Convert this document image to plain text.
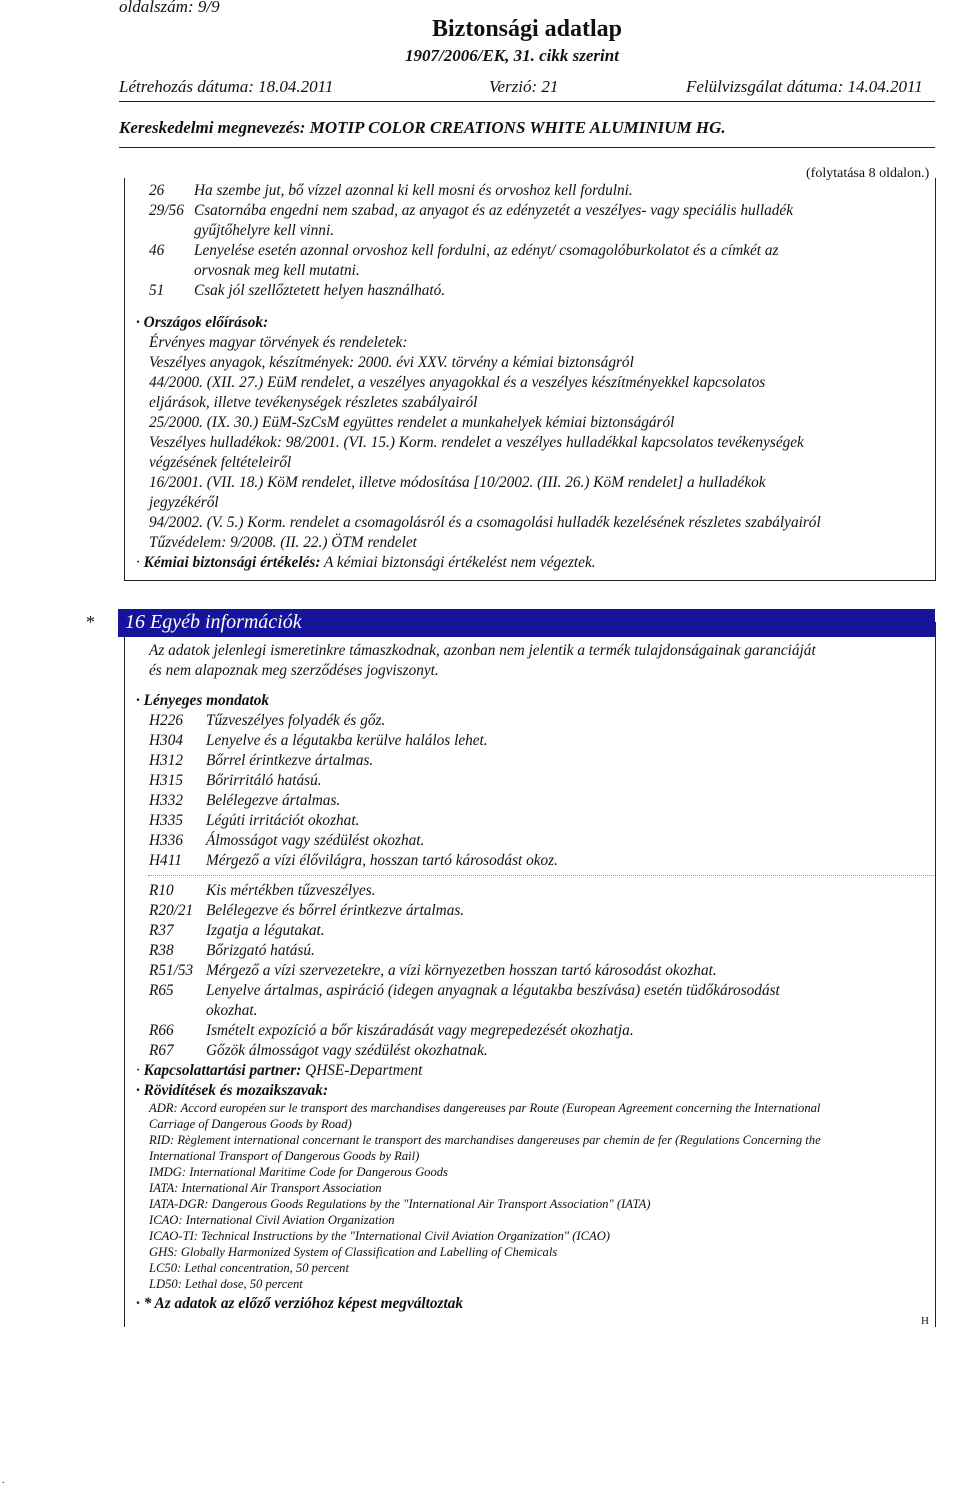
oldalszám: 9/9
Biztonsági adatlap
1907/2006/EK, 31. cikk szerint
Létrehozás dátuma: 18.04.2011	Verzió: 21	Felülvizsgálat dátuma: 14.04.2011
Kereskedelmi megnevezés: MOTIP COLOR CREATIONS WHITE ALUMINIUM HG.
(folytatása 8 oldalon.)
26 Ha szembe jut, bő vízzel azonnal ki kell mosni és orvoshoz kell fordulni.
29/56 Csatornába engedni nem szabad, az anyagot és az edényzetét a veszélyes- vagy speciális hulladék
gyűjtőhelyre kell vinni.
46 Lenyelése esetén azonnal orvoshoz kell fordulni, az edényt/ csomagolóburkolatot és a címkét az
orvosnak meg kell mutatni.
51 Csak jól szellőztetett helyen használható.
· Országos előírások:
Érvényes magyar törvények és rendeletek:
Veszélyes anyagok, készítmények: 2000. évi XXV. törvény a kémiai biztonságról
44/2000. (XII. 27.) EüM rendelet, a veszélyes anyagokkal és a veszélyes készítményekkel kapcsolatos
eljárások, illetve tevékenységek részletes szabályairól
25/2000. (IX. 30.) EüM-SzCsM együttes rendelet a munkahelyek kémiai biztonságáról
Veszélyes hulladékok: 98/2001. (VI. 15.) Korm. rendelet a veszélyes hulladékkal kapcsolatos tevékenységek
végzésének feltételeiről
16/2001. (VII. 18.) KöM rendelet, illetve módosítása [10/2002. (III. 26.) KöM rendelet] a hulladékok
jegyzékéről
94/2002. (V. 5.) Korm. rendelet a csomagolásról és a csomagolási hulladék kezelésének részletes szabályairól
Tűzvédelem: 9/2008. (II. 22.) ÖTM rendelet
· Kémiai biztonsági értékelés: A kémiai biztonsági értékelést nem végeztek.
* 16 Egyéb információk
Az adatok jelenlegi ismeretinkre támaszkodnak, azonban nem jelentik a termék tulajdonságainak garanciáját
és nem alapoznak meg szerződéses jogviszonyt.
· Lényeges mondatok
H226 Tűzveszélyes folyadék és gőz.
H304 Lenyelve és a légutakba kerülve halálos lehet.
H312 Bőrrel érintkezve ártalmas.
H315 Bőrirritáló hatású.
H332 Belélegezve ártalmas.
H335 Légúti irritációt okozhat.
H336 Álmosságot vagy szédülést okozhat.
H411 Mérgező a vízi élővilágra, hosszan tartó károsodást okoz.
R10 Kis mértékben tűzveszélyes.
R20/21 Belélegezve és bőrrel érintkezve ártalmas.
R37 Izgatja a légutakat.
R38 Bőrizgató hatású.
R51/53 Mérgező a vízi szervezetekre, a vízi környezetben hosszan tartó károsodást okozhat.
R65 Lenyelve ártalmas, aspiráció (idegen anyagnak a légutakba beszívása) esetén tüdőkárosodást
okozhat.
R66 Ismételt expozíció a bőr kiszáradását vagy megrepedezését okozhatja.
R67 Gőzök álmosságot vagy szédülést okozhatnak.
· Kapcsolattartási partner: QHSE-Department
· Rövidítések és mozaikszavak:
ADR: Accord européen sur le transport des marchandises dangereuses par Route (European Agreement concerning the International
Carriage of Dangerous Goods by Road)
RID: Règlement international concernant le transport des marchandises dangereuses par chemin de fer (Regulations Concerning the
International Transport of Dangerous Goods by Rail)
IMDG: International Maritime Code for Dangerous Goods
IATA: International Air Transport Association
IATA-DGR: Dangerous Goods Regulations by the "International Air Transport Association" (IATA)
ICAO: International Civil Aviation Organization
ICAO-TI: Technical Instructions by the "International Civil Aviation Organization" (ICAO)
GHS: Globally Harmonized System of Classification and Labelling of Chemicals
LC50: Lethal concentration, 50 percent
LD50: Lethal dose, 50 percent
· * Az adatok az előző verzióhoz képest megváltoztak
H
.
